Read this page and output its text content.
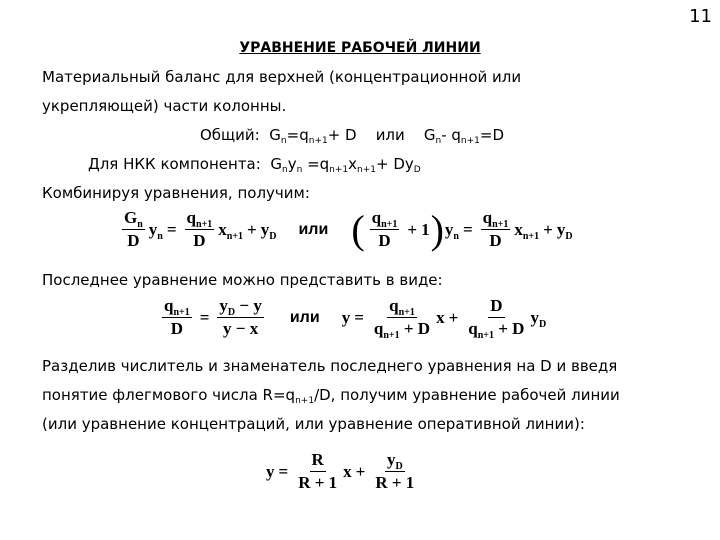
11
УРАВНЕНИЕ РАБОЧЕЙ ЛИНИИ
Материальный баланс для верхней (концентрационной или
укрепляющей) части колонны.
Общий: $G_n=q_{n+1}+ D$ или $G_n-$ $q_{n+1}=D$
Для НКК компонента: $G_ny_n =q_{n+1}x_{n+1}+ Dy_D$
Комбинируя уравнения, получим:
$\frac{G_n}{D} y_n = \frac{q_{n+1}}{D} x_{n+1} + y_D$ или ( $\frac{q_{n+1}}{D} + 1$ ) $y_n = \frac{q_{n+1}}{D} x_{n+1} + y_D$
Последнее уравнение можно представить в виде:
$\frac{q_{n+1}}{D} = \frac{y_D - y}{y - x}$ или $y = \frac{q_{n+1}}{q_{n+1} + D}$ $x + \frac{D}{q_{n+1} + D} y_D$
Разделив числитель и знаменатель последнего уравнения на D и введя
понятие флегмового числа $R=q_{n+1}/D$, получим уравнение рабочей линии
(или уравнение концентраций, или уравнение оперативной линии):
$y = \frac{R}{R + 1}$ $x + \frac{y_D}{R + 1}$
